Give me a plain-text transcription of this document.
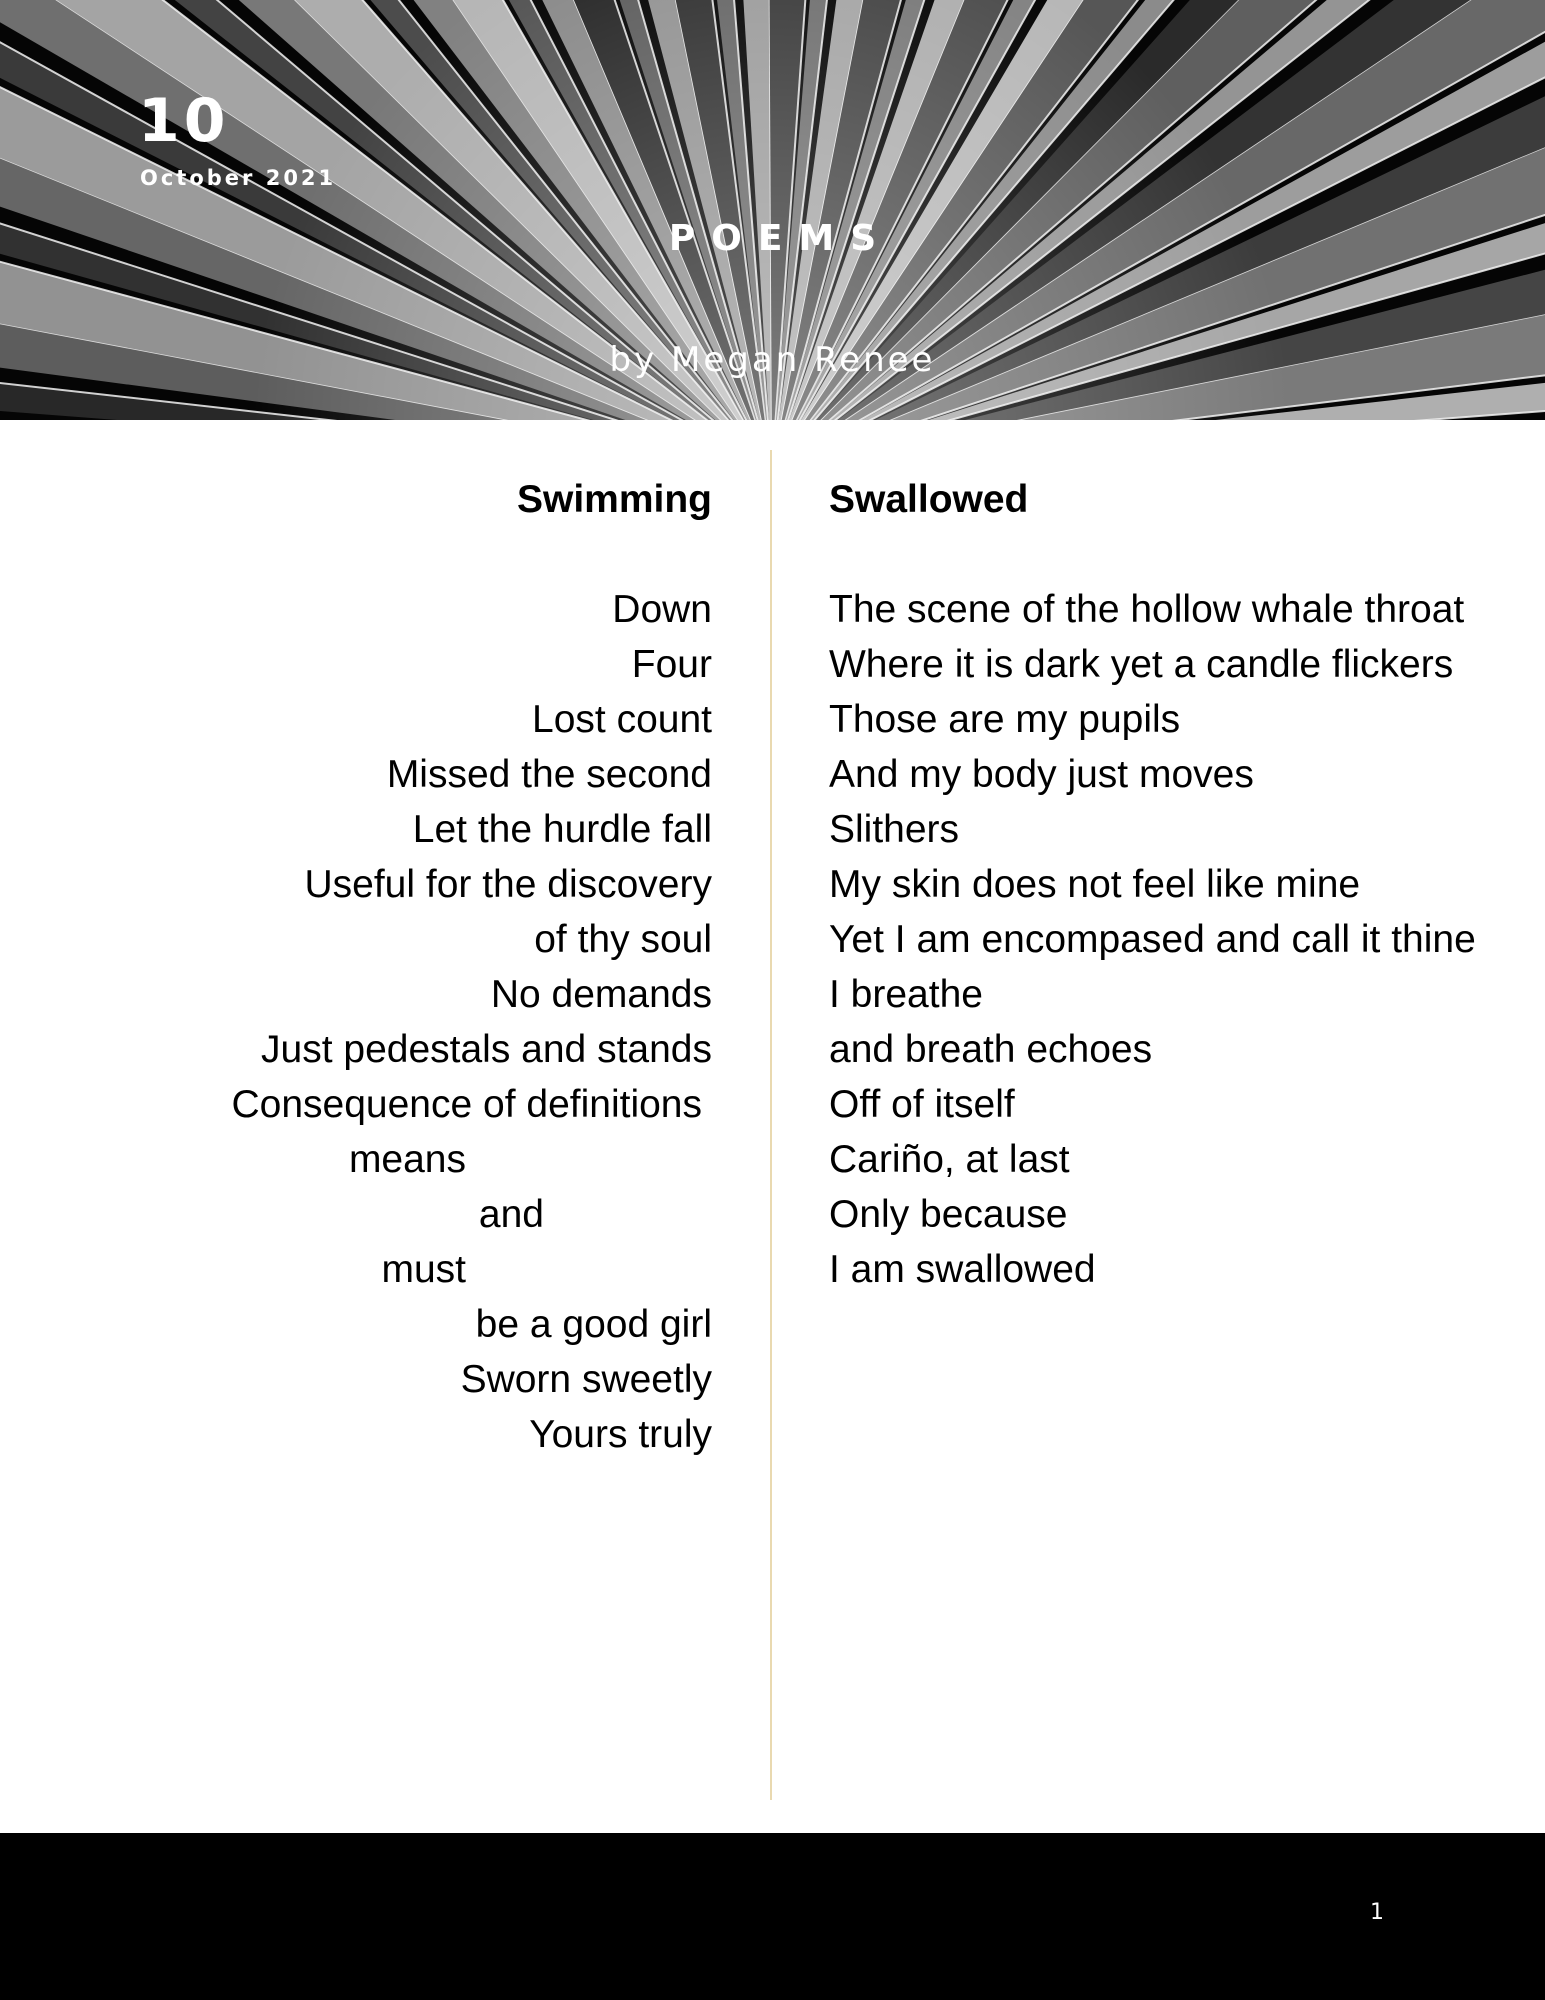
10
October 2021
POEMS
by Megan Renee
Swimming
Down
Four
Lost count
Missed the second
Let the hurdle fall
Useful for the discovery
of thy soul
No demands
Just pedestals and stands
Consequence of definitions
means
and
must
be a good girl
Sworn sweetly
Yours truly
Swallowed
The scene of the hollow whale throat
Where it is dark yet a candle flickers
Those are my pupils
And my body just moves
Slithers
My skin does not feel like mine
Yet I am encompased and call it thine
I breathe
and breath echoes
Off of itself
Cariño, at last
Only because
I am swallowed
1
